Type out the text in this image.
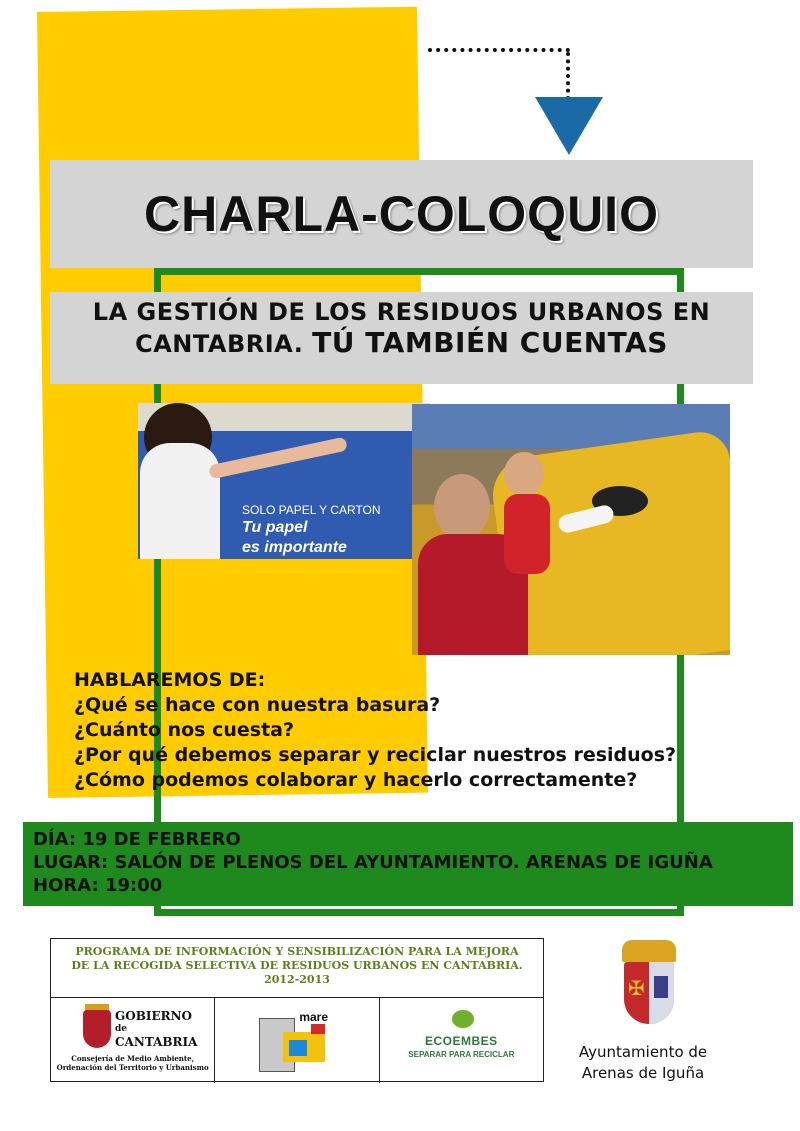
CHARLA-COLOQUIO
LA GESTIÓN DE LOS RESIDUOS URBANOS EN
CANTABRIA. TÚ TAMBIÉN CUENTAS
SOLO PAPEL Y CARTON
Tu papel
es importante
HABLAREMOS DE:
¿Qué se hace con nuestra basura?
¿Cuánto nos cuesta?
¿Por qué debemos separar y reciclar nuestros residuos?
¿Cómo podemos colaborar y hacerlo correctamente?
DÍA: 19 DE FEBRERO
LUGAR: SALÓN DE PLENOS DEL AYUNTAMIENTO. ARENAS DE IGUÑA
HORA: 19:00
PROGRAMA DE INFORMACIÓN Y SENSIBILIZACIÓN PARA LA MEJORA
DE LA RECOGIDA SELECTIVA DE RESIDUOS URBANOS EN CANTABRIA.
2012-2013
GOBIERNO
de
CANTABRIA
Consejería de Medio Ambiente,
Ordenación del Territorio y Urbanismo
mare
ECOEMBES
SEPARAR PARA RECICLAR
✠
Ayuntamiento de
Arenas de Iguña
